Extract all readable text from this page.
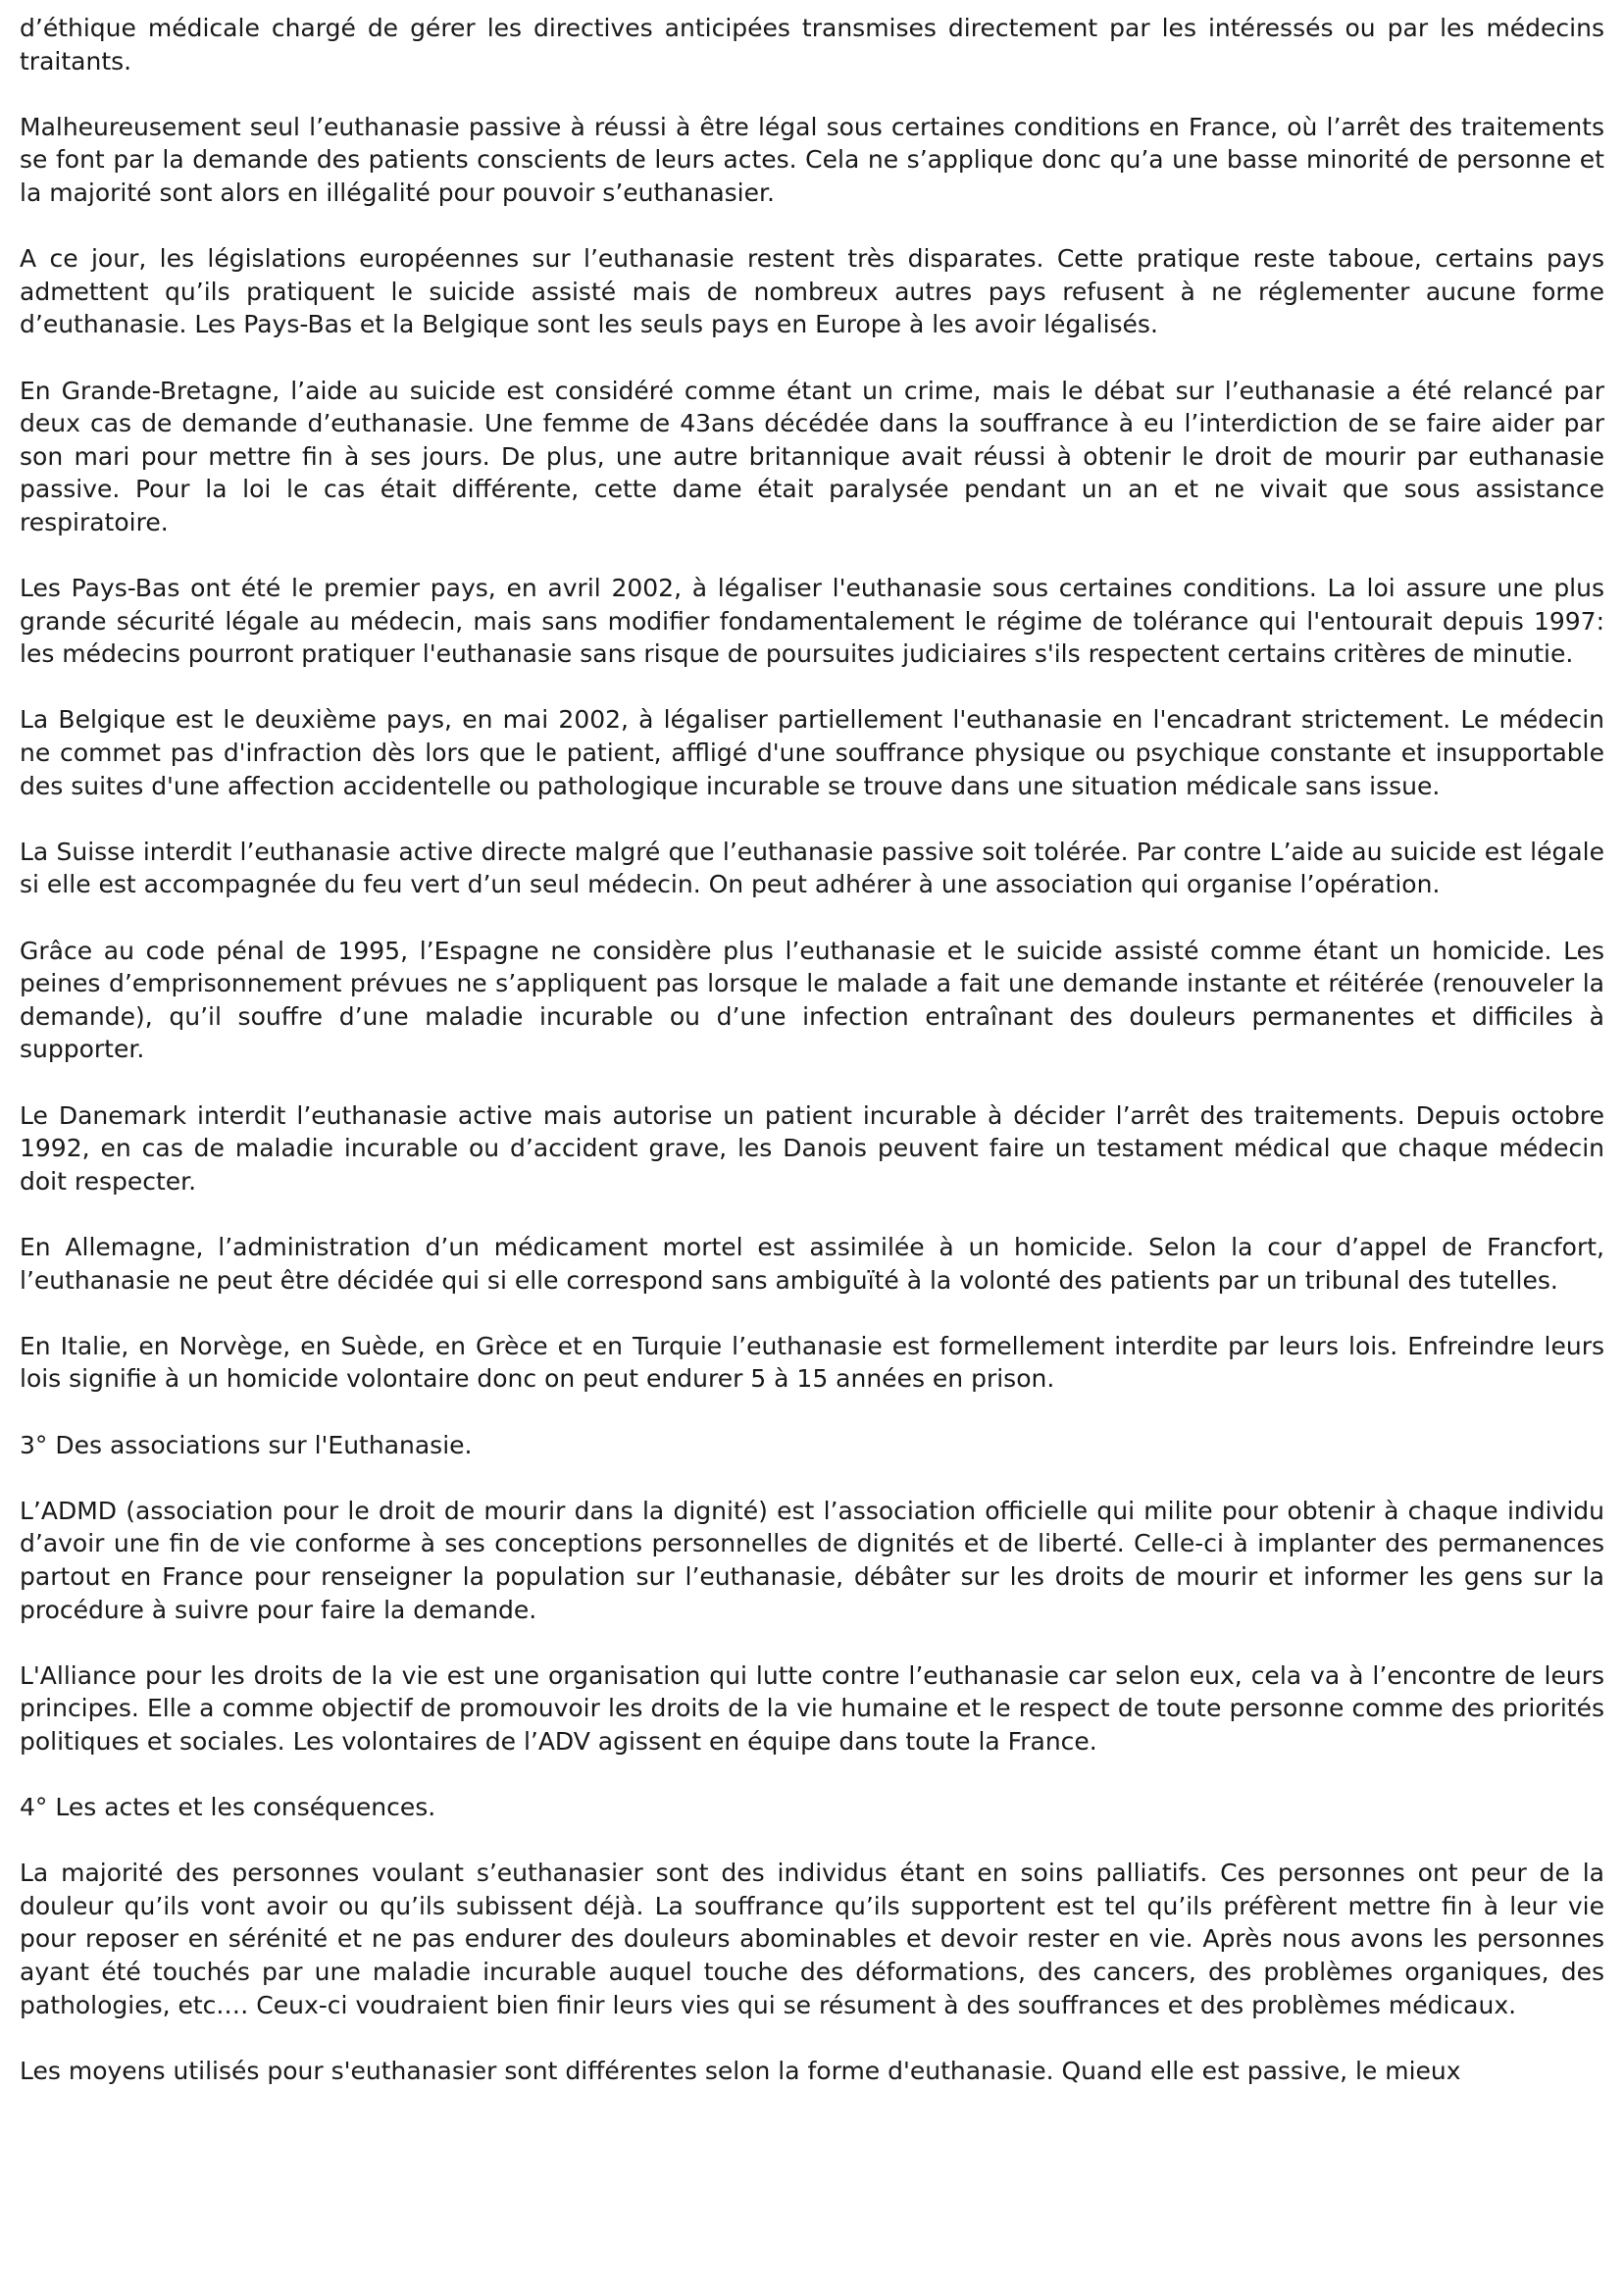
d’éthique médicale chargé de gérer les directives anticipées transmises directement par les intéressés ou par les médecins traitants.

Malheureusement seul l’euthanasie passive à réussi à être légal sous certaines conditions en France, où l’arrêt des traitements se font par la demande des patients conscients de leurs actes. Cela ne s’applique donc qu’a une basse minorité de personne et la majorité sont alors en illégalité pour pouvoir s’euthanasier.

A ce jour, les législations européennes sur l’euthanasie restent très disparates. Cette pratique reste taboue, certains pays admettent qu’ils pratiquent le suicide assisté mais de nombreux autres pays refusent à ne réglementer aucune forme d’euthanasie. Les Pays-Bas et la Belgique sont les seuls pays en Europe à les avoir légalisés.

En Grande-Bretagne, l’aide au suicide est considéré comme étant un crime, mais le débat sur l’euthanasie a été relancé par deux cas de demande d’euthanasie. Une femme de 43ans décédée dans la souffrance à eu l’interdiction de se faire aider par son mari pour mettre fin à ses jours. De plus, une autre britannique avait réussi à obtenir le droit de mourir par euthanasie passive. Pour la loi le cas était différente, cette dame était paralysée pendant un an et ne vivait que sous assistance respiratoire.

Les Pays-Bas ont été le premier pays, en avril 2002, à légaliser l'euthanasie sous certaines conditions. La loi assure une plus grande sécurité légale au médecin, mais sans modifier fondamentalement le régime de tolérance qui l'entourait depuis 1997: les médecins pourront pratiquer l'euthanasie sans risque de poursuites judiciaires s'ils respectent certains critères de minutie.

La Belgique est le deuxième pays, en mai 2002, à légaliser partiellement l'euthanasie en l'encadrant strictement. Le médecin ne commet pas d'infraction dès lors que le patient, affligé d'une souffrance physique ou psychique constante et insupportable des suites d'une affection accidentelle ou pathologique incurable se trouve dans une situation médicale sans issue.

La Suisse interdit l’euthanasie active directe malgré que l’euthanasie passive soit tolérée. Par contre L’aide au suicide est légale si elle est accompagnée du feu vert d’un seul médecin. On peut adhérer à une association qui organise l’opération.

Grâce au code pénal de 1995, l’Espagne ne considère plus l’euthanasie et le suicide assisté comme étant un homicide. Les peines d’emprisonnement prévues ne s’appliquent pas lorsque le malade a fait une demande instante et réitérée (renouveler la demande), qu’il souffre d’une maladie incurable ou d’une infection entraînant des douleurs permanentes et difficiles à supporter.

Le Danemark interdit l’euthanasie active mais autorise un patient incurable à décider l’arrêt des traitements. Depuis octobre 1992, en cas de maladie incurable ou d’accident grave, les Danois peuvent faire un testament médical que chaque médecin doit respecter.

En Allemagne, l’administration d’un médicament mortel est assimilée à un homicide. Selon la cour d’appel de Francfort, l’euthanasie ne peut être décidée qui si elle correspond sans ambiguïté à la volonté des patients par un tribunal des tutelles.

En Italie, en Norvège, en Suède, en Grèce et en Turquie l’euthanasie est formellement interdite par leurs lois. Enfreindre leurs lois signifie à un homicide volontaire donc on peut endurer 5 à 15 années en prison.

3° Des associations sur l'Euthanasie.

L’ADMD (association pour le droit de mourir dans la dignité) est l’association officielle qui milite pour obtenir à chaque individu d’avoir une fin de vie conforme à ses conceptions personnelles de dignités et de liberté. Celle-ci à implanter des permanences partout en France pour renseigner la population sur l’euthanasie, débâter sur les droits de mourir et informer les gens sur la procédure à suivre pour faire la demande.

L'Alliance pour les droits de la vie est une organisation qui lutte contre l’euthanasie car selon eux, cela va à l’encontre de leurs principes. Elle a comme objectif de promouvoir les droits de la vie humaine et le respect de toute personne comme des priorités politiques et sociales. Les volontaires de l’ADV agissent en équipe dans toute la France.

4° Les actes et les conséquences.

La majorité des personnes voulant s’euthanasier sont des individus étant en soins palliatifs. Ces personnes ont peur de la douleur qu’ils vont avoir ou qu’ils subissent déjà. La souffrance qu’ils supportent est tel qu’ils préfèrent mettre fin à leur vie pour reposer en sérénité et ne pas endurer des douleurs abominables et devoir rester en vie. Après nous avons les personnes ayant été touchés par une maladie incurable auquel touche des déformations, des cancers, des problèmes organiques, des pathologies, etc.… Ceux-ci voudraient bien finir leurs vies qui se résument à des souffrances et des problèmes médicaux.

Les moyens utilisés pour s'euthanasier sont différentes selon la forme d'euthanasie. Quand elle est passive, le mieux
